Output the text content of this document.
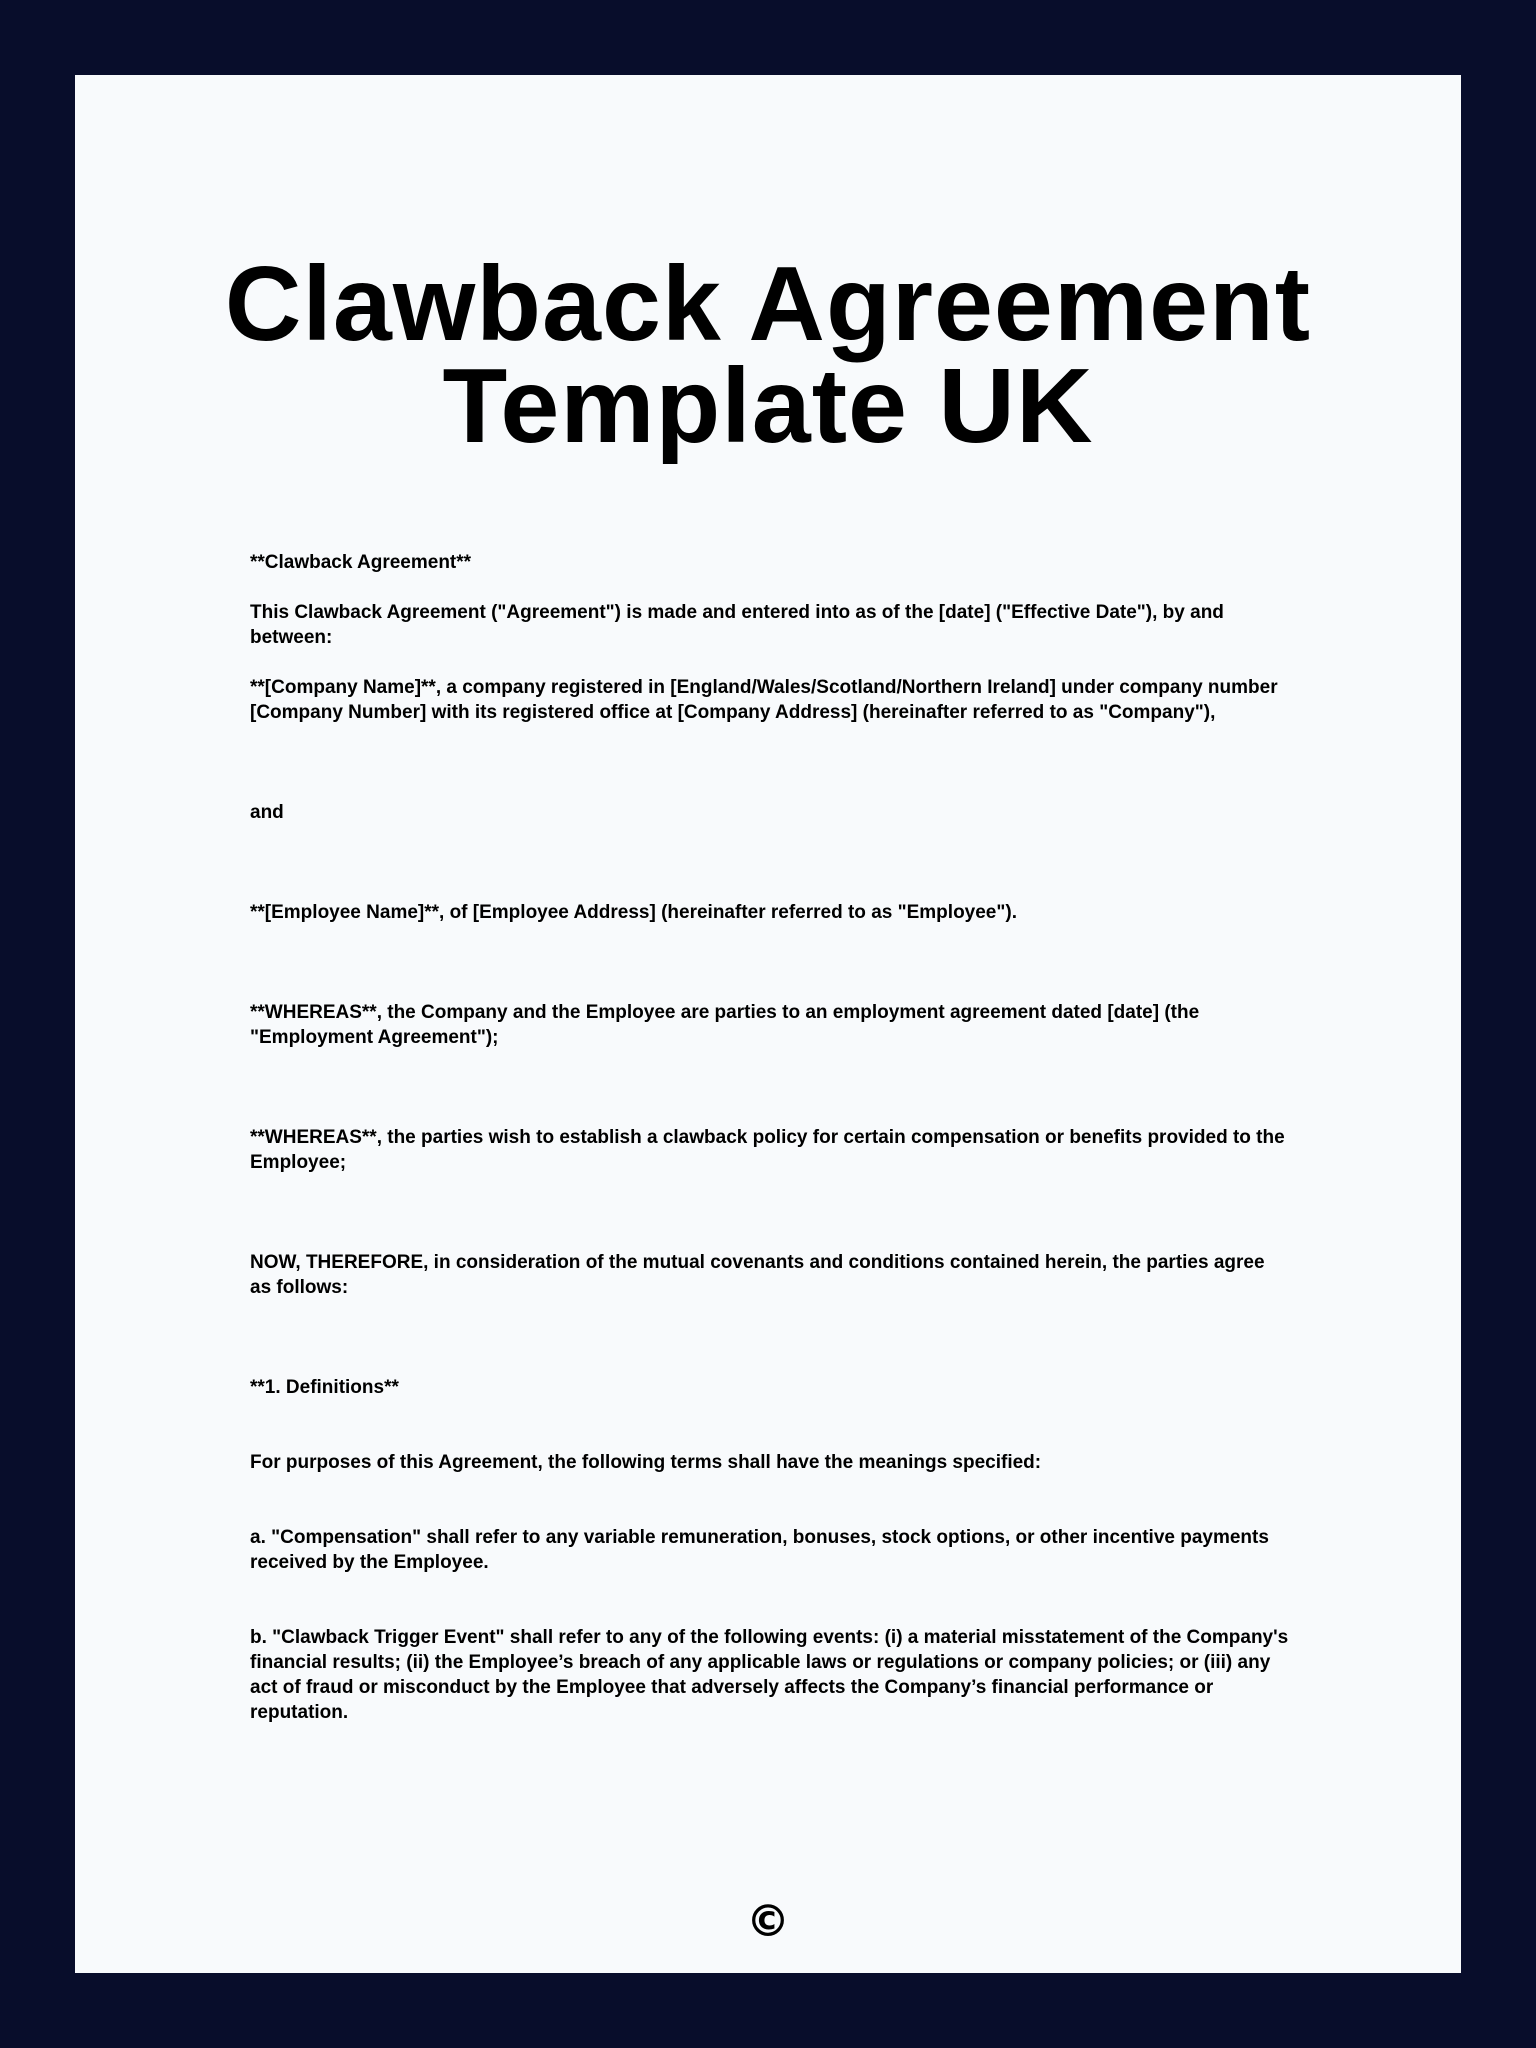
Clawback Agreement
Template UK

**Clawback Agreement**

This Clawback Agreement ("Agreement") is made and entered into as of the [date] ("Effective Date"), by and between:

**[Company Name]**, a company registered in [England/Wales/Scotland/Northern Ireland] under company number [Company Number] with its registered office at [Company Address] (hereinafter referred to as "Company"),

and

**[Employee Name]**, of [Employee Address] (hereinafter referred to as "Employee").

**WHEREAS**, the Company and the Employee are parties to an employment agreement dated [date] (the "Employment Agreement");

**WHEREAS**, the parties wish to establish a clawback policy for certain compensation or benefits provided to the Employee;

NOW, THEREFORE, in consideration of the mutual covenants and conditions contained herein, the parties agree as follows:

**1. Definitions**

For purposes of this Agreement, the following terms shall have the meanings specified:

a. "Compensation" shall refer to any variable remuneration, bonuses, stock options, or other incentive payments received by the Employee.

b. "Clawback Trigger Event" shall refer to any of the following events: (i) a material misstatement of the Company's financial results; (ii) the Employee’s breach of any applicable laws or regulations or company policies; or (iii) any act of fraud or misconduct by the Employee that adversely affects the Company’s financial performance or reputation.

©
